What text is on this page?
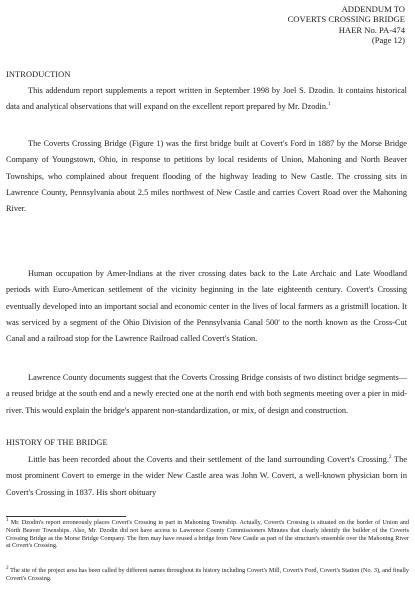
ADDENDUM TO
COVERTS CROSSING BRIDGE
HAER No. PA-474
(Page 12)
INTRODUCTION

This addendum report supplements a report written in September 1998 by Joel S. Dzodin. It contains historical data and analytical observations that will expand on the excellent report prepared by Mr. Dzodin.$^1$

The Coverts Crossing Bridge (Figure 1) was the first bridge built at Covert's Ford in 1887 by the Morse Bridge Company of Youngstown, Ohio, in response to petitions by local residents of Union, Mahoning and North Beaver Townships, who complained about frequent flooding of the highway leading to New Castle. The crossing sits in Lawrence County, Pennsylvania about 2.5 miles northwest of New Castle and carries Covert Road over the Mahoning River.

Human occupation by Amer-Indians at the river crossing dates back to the Late Archaic and Late Woodland periods with Euro-American settlement of the vicinity beginning in the late eighteenth century. Covert's Crossing eventually developed into an important social and economic center in the lives of local farmers as a gristmill location. It was serviced by a segment of the Ohio Division of the Pennsylvania Canal 500' to the north known as the Cross-Cut Canal and a railroad stop for the Lawrence Railroad called Covert's Station.

Lawrence County documents suggest that the Coverts Crossing Bridge consists of two distinct bridge segments—a reused bridge at the south end and a newly erected one at the north end with both segments meeting over a pier in mid-river. This would explain the bridge's apparent non-standardization, or mix, of design and construction.

HISTORY OF THE BRIDGE

Little has been recorded about the Coverts and their settlement of the land surrounding Covert's Crossing.$^2$ The most prominent Covert to emerge in the wider New Castle area was John W. Covert, a well-known physician born in Covert's Crossing in 1837. His short obituary

$^1$ Mr. Dzodin's report erroneously places Covert's Crossing in part in Mahoning Township. Actually, Covert's Crossing is situated on the border of Union and North Beaver Townships. Also, Mr. Dzodin did not have access to Lawrence County Commissioners Minutes that clearly identify the builder of the Coverts Crossing Bridge as the Morse Bridge Company. The firm may have reused a bridge from New Castle as part of the structure's ensemble over the Mahoning River at Covert's Crossing.

$^2$ The site of the project area has been called by different names throughout its history including Covert's Mill, Covert's Ford, Covert's Station (No. 3), and finally Covert's Crossing.
